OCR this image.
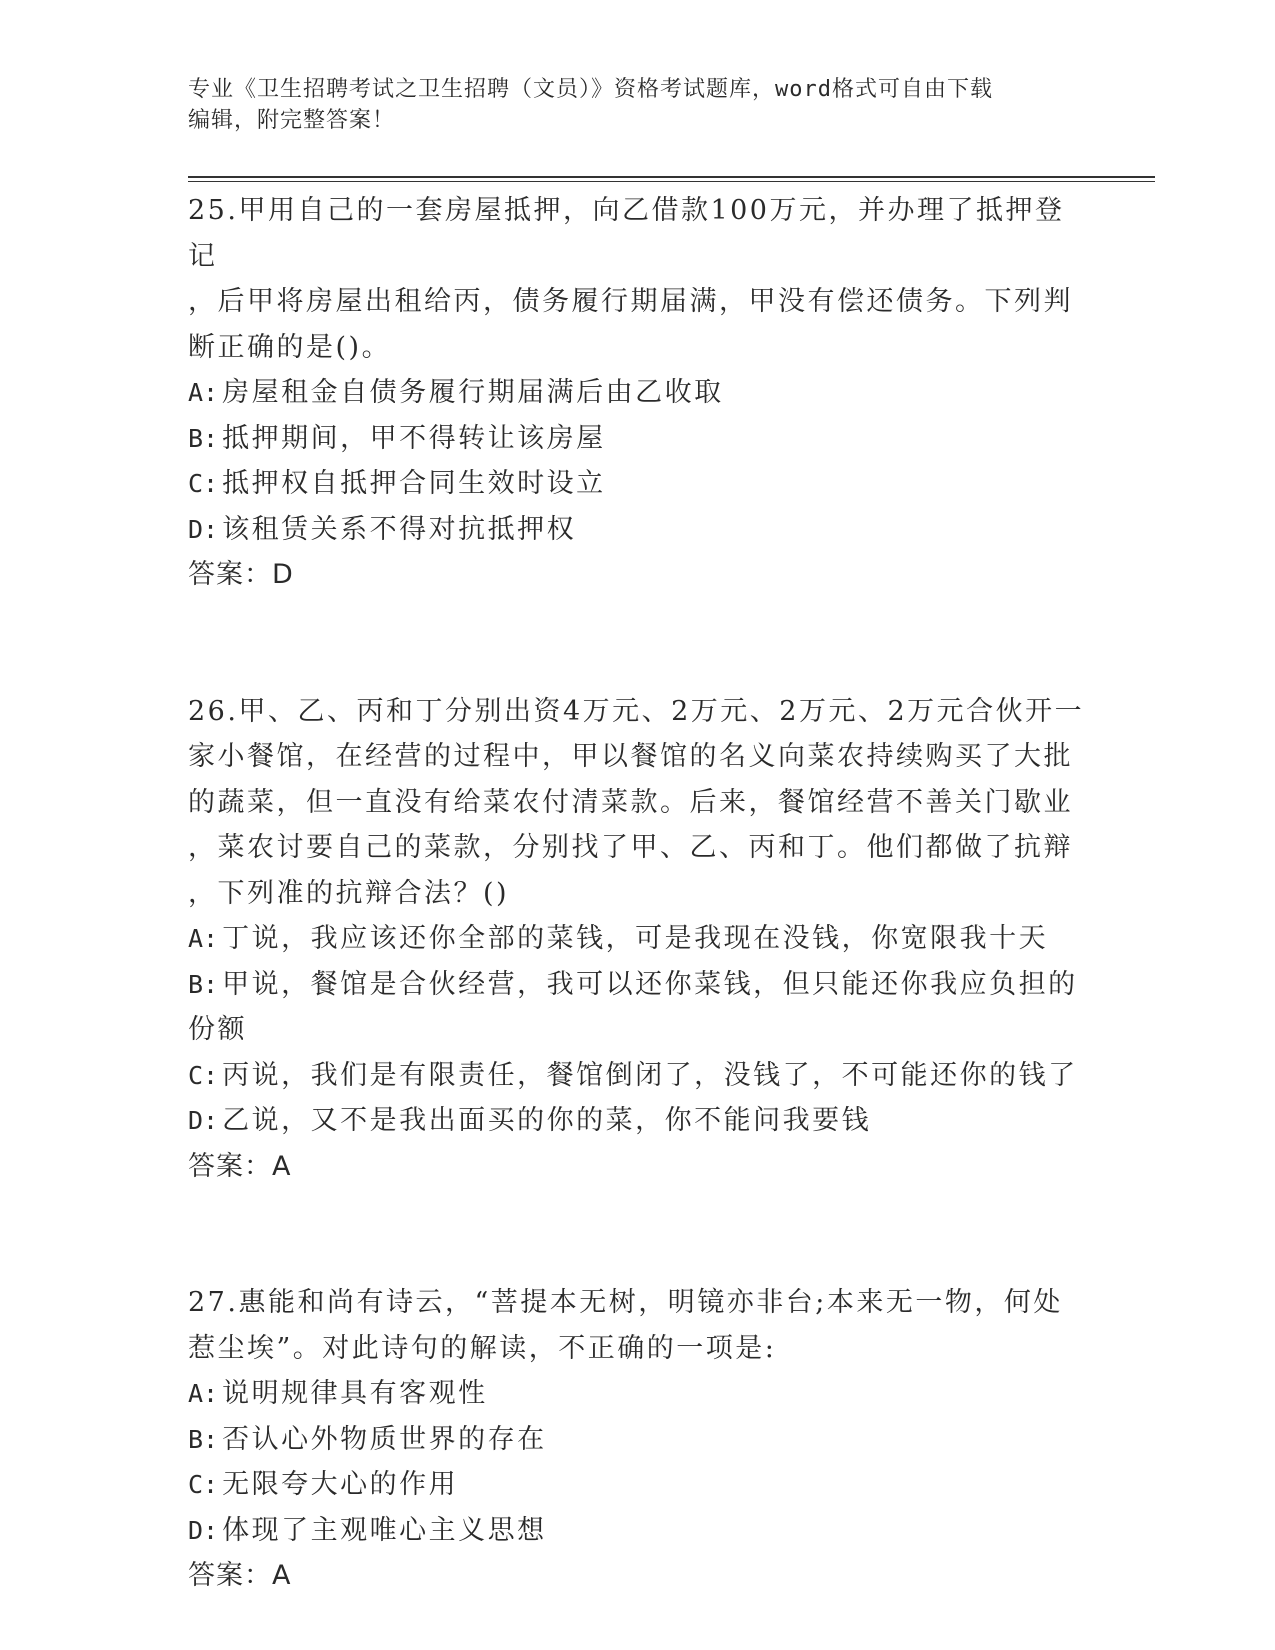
专业《卫生招聘考试之卫生招聘（文员）》资格考试题库，word格式可自由下载
编辑，附完整答案！

25.甲用自己的一套房屋抵押，向乙借款100万元，并办理了抵押登记

，后甲将房屋出租给丙，债务履行期届满，甲没有偿还债务。下列判

断正确的是()。

A: 房屋租金自债务履行期届满后由乙收取

B: 抵押期间，甲不得转让该房屋

C: 抵押权自抵押合同生效时设立

D: 该租赁关系不得对抗抵押权

答案：D

26.甲、乙、丙和丁分别出资4万元、2万元、2万元、2万元合伙开一

家小餐馆，在经营的过程中，甲以餐馆的名义向菜农持续购买了大批

的蔬菜，但一直没有给菜农付清菜款。后来，餐馆经营不善关门歇业

，菜农讨要自己的菜款，分别找了甲、乙、丙和丁。他们都做了抗辩

，下列准的抗辩合法？()

A: 丁说，我应该还你全部的菜钱，可是我现在没钱，你宽限我十天

B: 甲说，餐馆是合伙经营，我可以还你菜钱，但只能还你我应负担的

份额

C: 丙说，我们是有限责任，餐馆倒闭了，没钱了，不可能还你的钱了

D: 乙说，又不是我出面买的你的菜，你不能问我要钱

答案：A

27.惠能和尚有诗云，“菩提本无树，明镜亦非台;本来无一物，何处

惹尘埃”。对此诗句的解读，不正确的一项是:

A: 说明规律具有客观性

B: 否认心外物质世界的存在

C: 无限夸大心的作用

D: 体现了主观唯心主义思想

答案：A
